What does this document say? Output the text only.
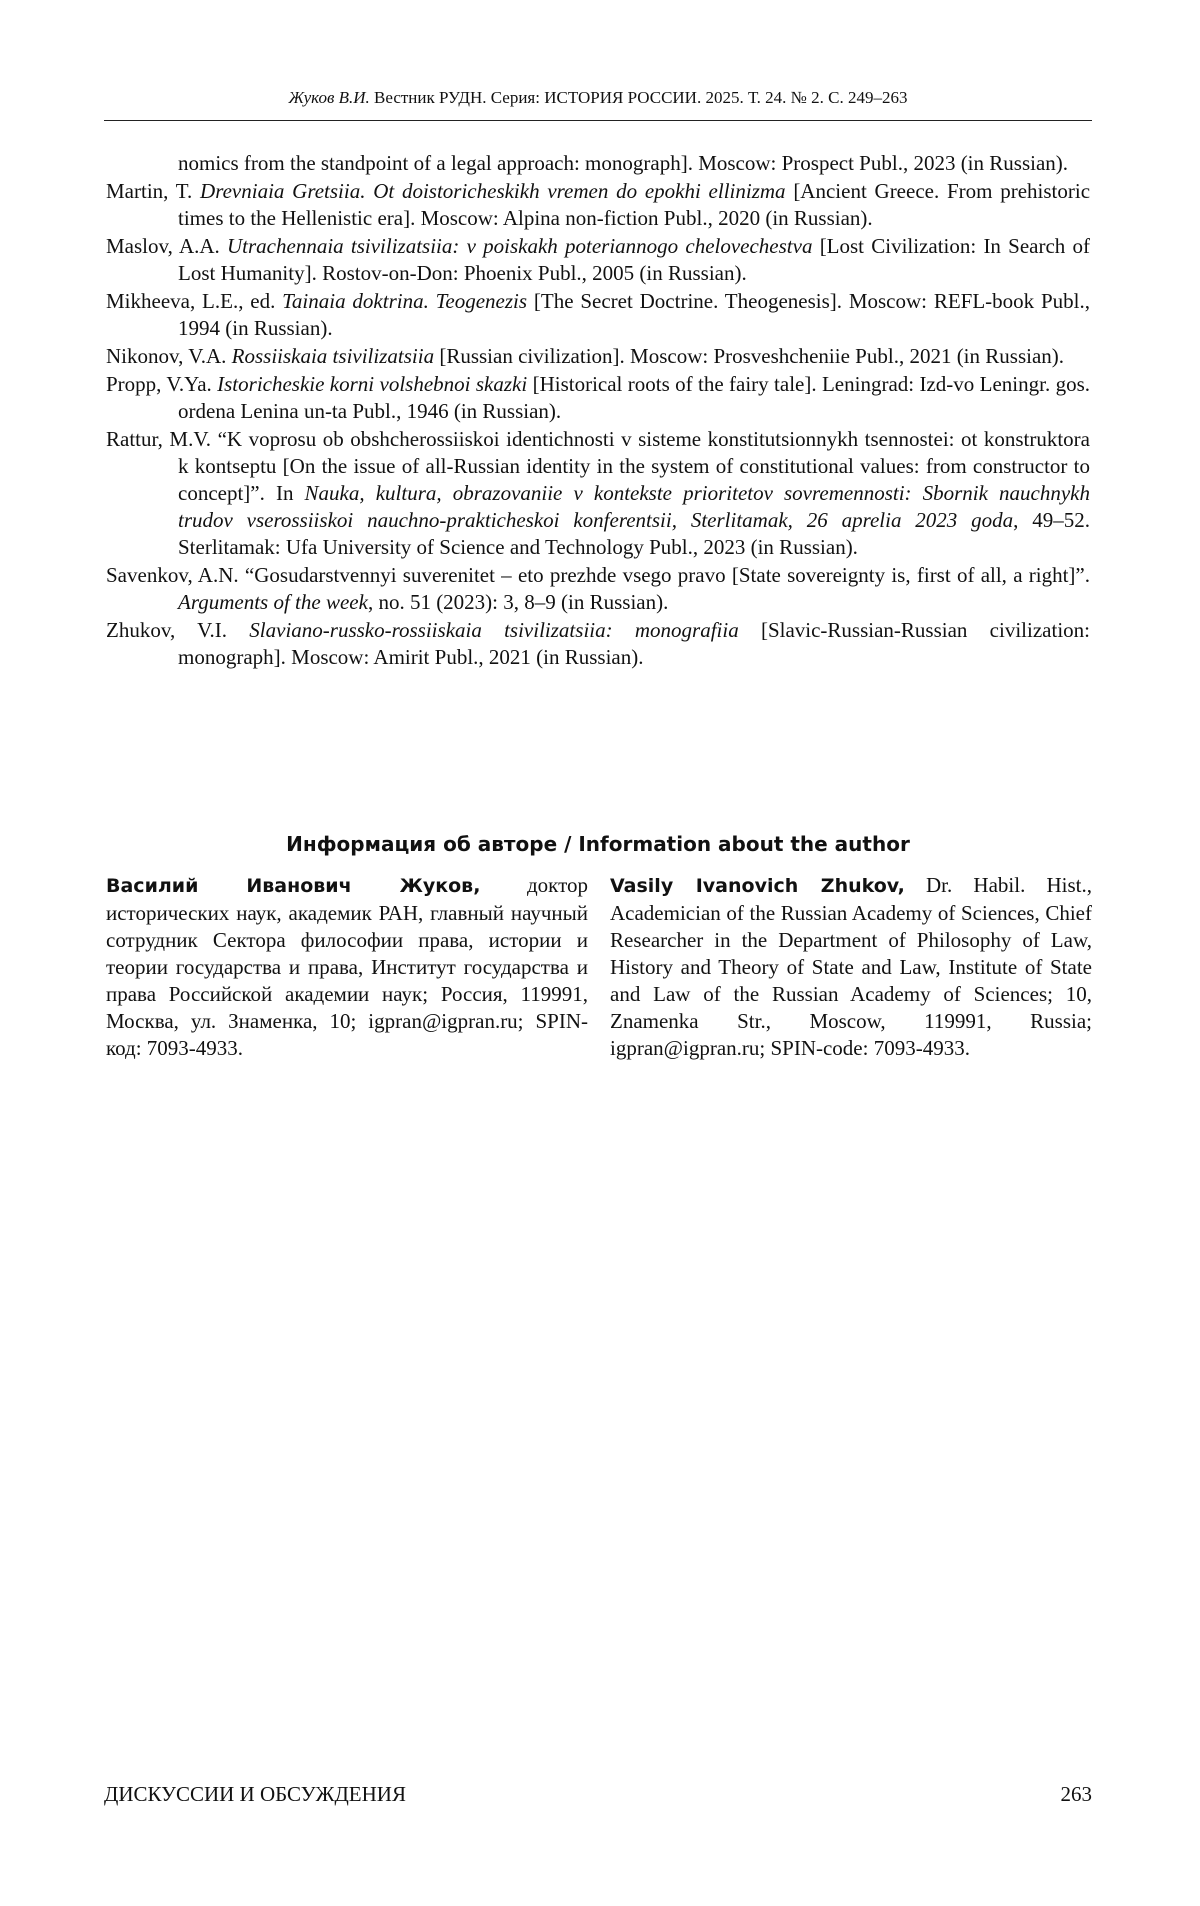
Жуков В.И. Вестник РУДН. Серия: ИСТОРИЯ РОССИИ. 2025. Т. 24. № 2. С. 249–263

nomics from the standpoint of a legal approach: monograph]. Moscow: Prospect Publ., 2023 (in Russian).

Martin, T. Drevniaia Gretsiia. Ot doistoricheskikh vremen do epokhi ellinizma [Ancient Greece. From prehistoric times to the Hellenistic era]. Moscow: Alpina non-fiction Publ., 2020 (in Russian).

Maslov, A.A. Utrachennaia tsivilizatsiia: v poiskakh poteriannogo chelovechestva [Lost Civilization: In Search of Lost Humanity]. Rostov-on-Don: Phoenix Publ., 2005 (in Russian).

Mikheeva, L.E., ed. Tainaia doktrina. Teogenezis [The Secret Doctrine. Theogenesis]. Moscow: REFL-book Publ., 1994 (in Russian).

Nikonov, V.A. Rossiiskaia tsivilizatsiia [Russian civilization]. Moscow: Prosveshcheniie Publ., 2021 (in Russian).

Propp, V.Ya. Istoricheskie korni volshebnoi skazki [Historical roots of the fairy tale]. Leningrad: Izd-vo Leningr. gos. ordena Lenina un-ta Publ., 1946 (in Russian).

Rattur, M.V. “K voprosu ob obshcherossiiskoi identichnosti v sisteme konstitutsionnykh tsennostei: ot konstruktora k kontseptu [On the issue of all-Russian identity in the system of constitutional values: from constructor to concept]”. In Nauka, kultura, obrazovaniie v kontekste prioritetov sovremennosti: Sbornik nauchnykh trudov vserossiiskoi nauchno-prakticheskoi konferentsii, Sterlitamak, 26 aprelia 2023 goda, 49–52. Sterlitamak: Ufa University of Science and Technology Publ., 2023 (in Russian).

Savenkov, A.N. “Gosudarstvennyi suverenitet – eto prezhde vsego pravo [State sovereignty is, first of all, a right]”. Arguments of the week, no. 51 (2023): 3, 8–9 (in Russian).

Zhukov, V.I. Slaviano-russko-rossiiskaia tsivilizatsiia: monografiia [Slavic-Russian-Russian civilization: monograph]. Moscow: Amirit Publ., 2021 (in Russian).

Информация об авторе / Information about the author
Василий Иванович Жуков, доктор исторических наук, академик РАН, главный научный сотрудник Сектора философии права, истории и теории государства и права, Институт государства и права Российской академии наук; Россия, 119991, Москва, ул. Знаменка, 10; igpran@igpran.ru; SPIN-код: 7093-4933.
Vasily Ivanovich Zhukov, Dr. Habil. Hist., Academician of the Russian Academy of Sciences, Chief Researcher in the Department of Philosophy of Law, History and Theory of State and Law, Institute of State and Law of the Russian Academy of Sciences; 10, Znamenka Str., Moscow, 119991, Russia; igpran@igpran.ru; SPIN-code: 7093-4933.
ДИСКУССИИ И ОБСУЖДЕНИЯ	263
